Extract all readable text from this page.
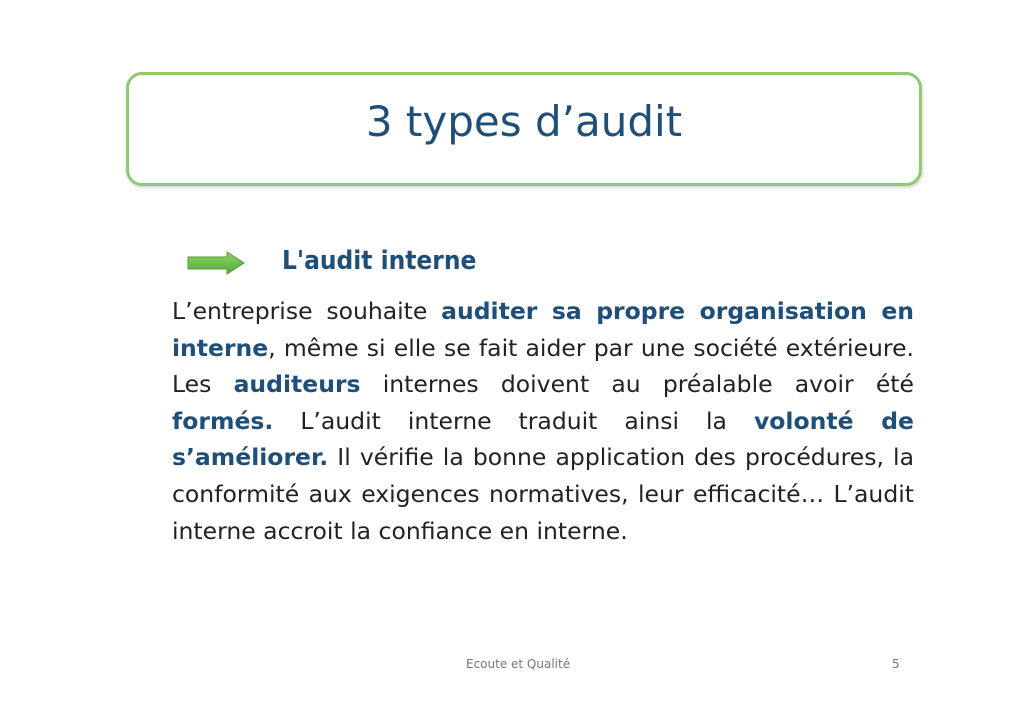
3 types d’audit
L'audit interne

L’entreprise souhaite auditer sa propre organisation en interne, même si elle se fait aider par une société extérieure. Les auditeurs internes doivent au préalable avoir été formés. L’audit interne traduit ainsi la volonté de s’améliorer. Il vérifie la bonne application des procédures, la conformité aux exigences normatives, leur efficacité… L’audit interne accroit la confiance en interne.

Ecoute et Qualité	5
